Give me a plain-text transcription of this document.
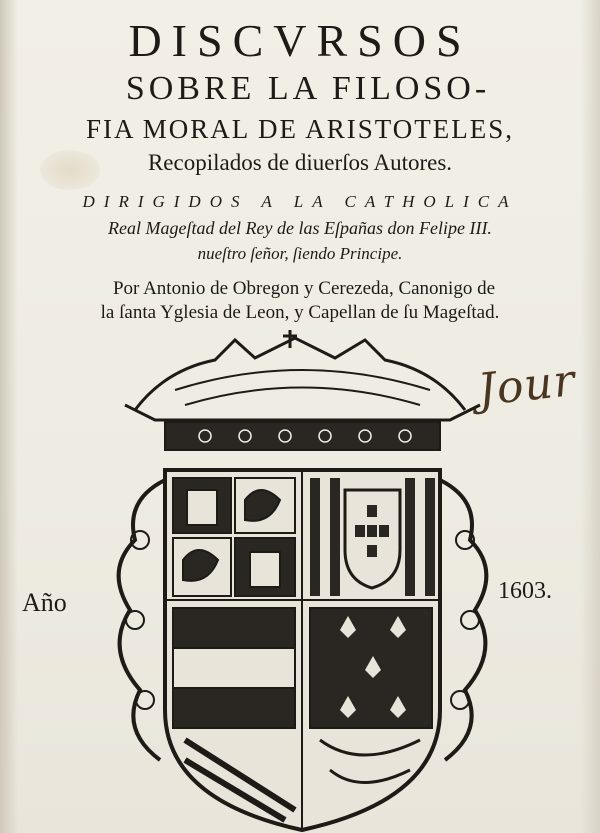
DISCVRSOS
SOBRE LA FILOSO-
FIA MORAL DE ARISTOTELES,
Recopilados de diuerſos Autores.
DIRIGIDOS A LA CATHOLICA
Real Mageſtad del Rey de las Eſpañas don Felipe III.
nueſtro ſeñor, ſiendo Principe.
Por Antonio de Obregon y Cerezeda, Canonigo de
la ſanta Yglesia de Leon, y Capellan de ſu Mageſtad.
Jour
Año	1603.
